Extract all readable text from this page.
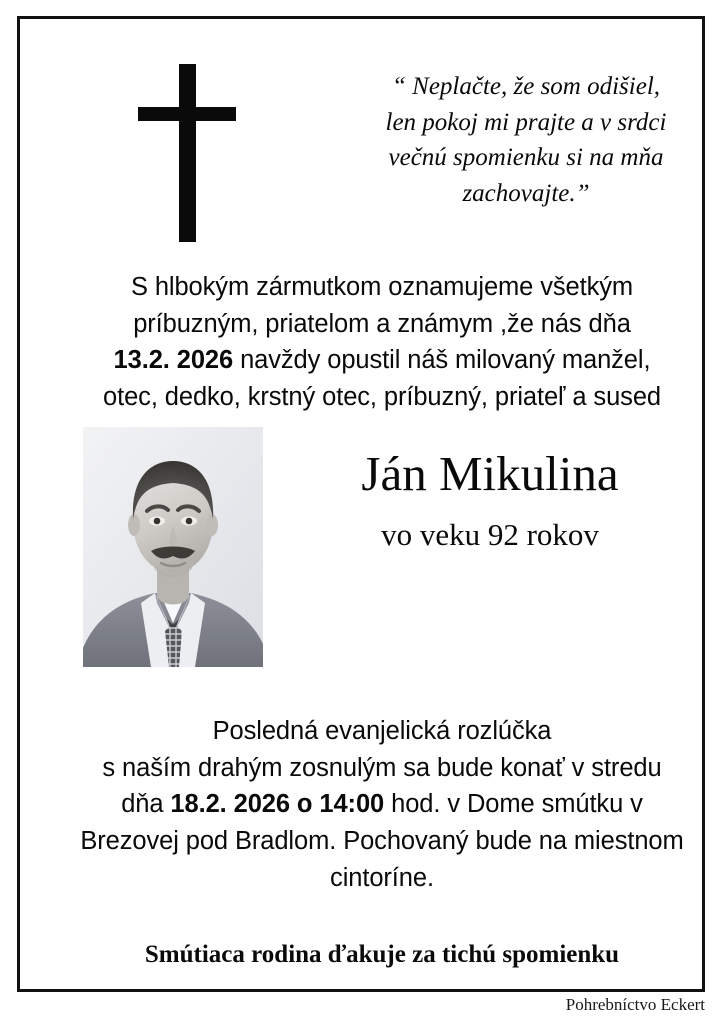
“ Neplačte, že som odišiel,
len pokoj mi prajte a v srdci
večnú spomienku si na mňa
zachovajte.”
S hlbokým zármutkom oznamujeme všetkým
príbuzným, priatelom a známym ,že nás dňa
13.2. 2026 navždy opustil náš milovaný manžel,
otec, dedko, krstný otec, príbuzný, priateľ a sused
Ján Mikulina
vo veku 92 rokov
Posledná evanjelická rozlúčka
s naším drahým zosnulým sa bude konať v stredu
dňa 18.2. 2026 o 14:00 hod. v Dome smútku v
Brezovej pod Bradlom. Pochovaný bude na miestnom
cintoríne.
Smútiaca rodina ďakuje za tichú spomienku
Pohrebníctvo Eckert
